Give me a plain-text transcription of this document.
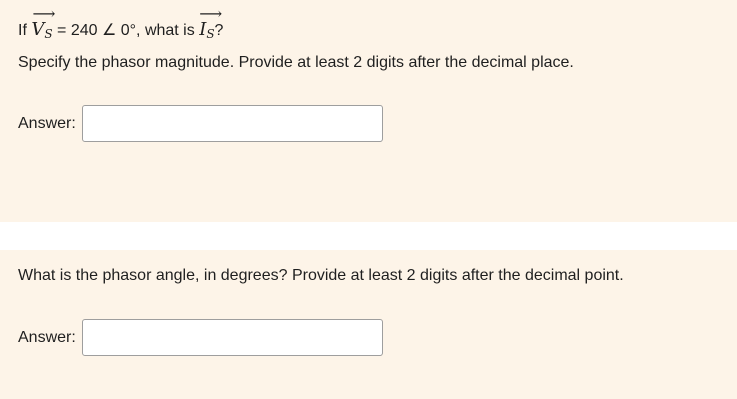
If
⟶
$V_S = 240$ ∠ 0°, what is
⟶
$I_S$?
Specify the phasor magnitude. Provide at least 2 digits after the decimal place.
Answer:
What is the phasor angle, in degrees? Provide at least 2 digits after the decimal point.
Answer:
